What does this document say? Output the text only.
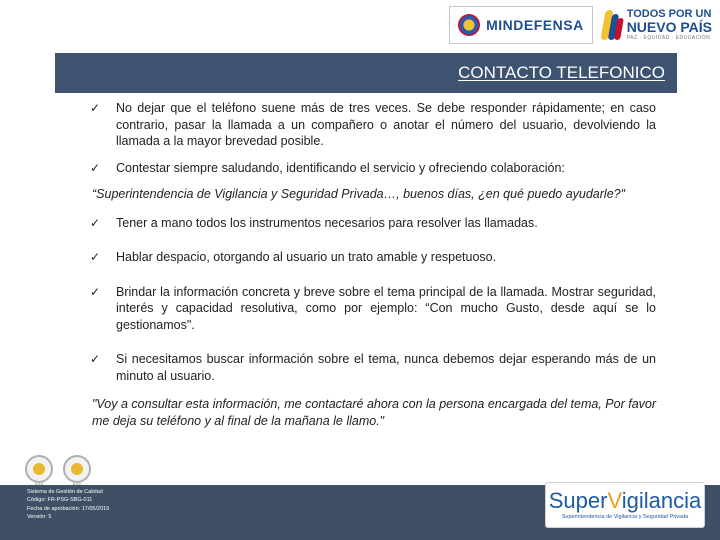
MINDEFENSA
TODOS POR UN
NUEVO PAÍS
PAZ · EQUIDAD · EDUCACIÓN
CONTACTO TELEFONICO
✓ No dejar que el teléfono suene más de tres veces. Se debe responder rápidamente; en caso contrario, pasar la llamada a un compañero o anotar el número del usuario, devolviendo la llamada a la mayor brevedad posible.
✓ Contestar siempre saludando, identificando el servicio y ofreciendo colaboración:
“Superintendencia de Vigilancia y Seguridad Privada…, buenos días, ¿en qué puedo ayudarle?"
✓ Tener a mano todos los instrumentos necesarios para resolver las llamadas.
✓ Hablar despacio, otorgando al usuario un trato amable y respetuoso.
✓ Brindar la información concreta y breve sobre el tema principal de la llamada. Mostrar seguridad, interés y capacidad resolutiva, como por ejemplo: “Con mucho Gusto, desde aquí se lo gestionamos".
✓ Si necesitamos buscar información sobre el tema, nunca debemos dejar esperando más de un minuto al usuario.
"Voy a consultar esta información, me contactaré ahora con la persona encargada del tema, Por favor me deja su teléfono y al final de la mañana le llamo."
Sistema de Gestión de Calidad
Código: FR-PSG-SBG-011
Fecha de aprobación: 17/05/2016
Versión: 5
SuperVigilancia
Superintendencia de Vigilancia y Seguridad Privada
